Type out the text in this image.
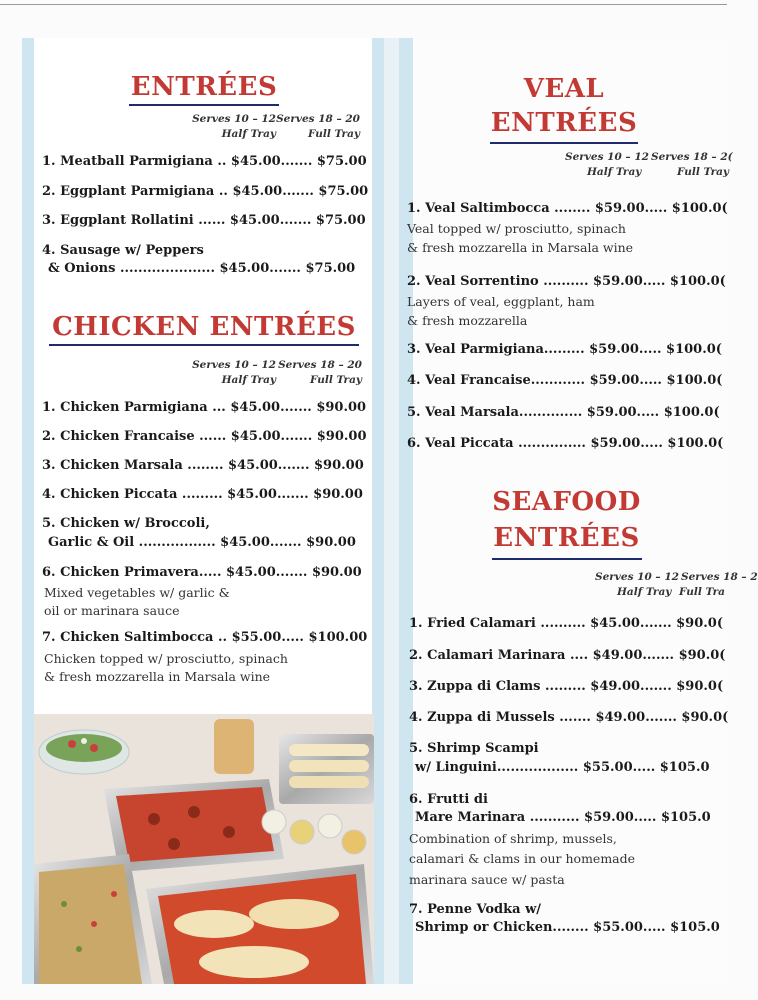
ENTRÉES
Serves 10 – 12
Half Tray
Serves 18 – 20
Full Tray
1. Meatball Parmigiana .. $45.00....... $75.00
2. Eggplant Parmigiana .. $45.00....... $75.00
3. Eggplant Rollatini ...... $45.00....... $75.00
4. Sausage w/ Peppers
& Onions ..................... $45.00....... $75.00
CHICKEN ENTRÉES
Serves 10 – 12
Half Tray
Serves 18 – 20
Full Tray
1. Chicken Parmigiana ... $45.00....... $90.00
2. Chicken Francaise ...... $45.00....... $90.00
3. Chicken Marsala ........ $45.00....... $90.00
4. Chicken Piccata ......... $45.00....... $90.00
5. Chicken w/ Broccoli,
Garlic & Oil ................. $45.00....... $90.00
6. Chicken Primavera..... $45.00....... $90.00
Mixed vegetables w/ garlic &
oil or marinara sauce
7. Chicken Saltimbocca .. $55.00..... $100.00
Chicken topped w/ prosciutto, spinach
& fresh mozzarella in Marsala wine
VEAL
ENTRÉES
Serves 10 – 12
Half Tray
Serves 18 – 2(
Full Tray
1. Veal Saltimbocca ........ $59.00..... $100.0(
Veal topped w/ prosciutto, spinach
& fresh mozzarella in Marsala wine
2. Veal Sorrentino .......... $59.00..... $100.0(
Layers of veal, eggplant, ham
& fresh mozzarella
3. Veal Parmigiana......... $59.00..... $100.0(
4. Veal Francaise............ $59.00..... $100.0(
5. Veal Marsala.............. $59.00..... $100.0(
6. Veal Piccata ............... $59.00..... $100.0(
SEAFOOD
ENTRÉES
Serves 10 – 12
Half Tray
Serves 18 – 2
Full Tra
1. Fried Calamari .......... $45.00....... $90.0(
2. Calamari Marinara .... $49.00....... $90.0(
3. Zuppa di Clams ......... $49.00....... $90.0(
4. Zuppa di Mussels ....... $49.00....... $90.0(
5. Shrimp Scampi
w/ Linguini.................. $55.00..... $105.0
6. Frutti di
Mare Marinara ........... $59.00..... $105.0
Combination of shrimp, mussels,
calamari & clams in our homemade
marinara sauce w/ pasta
7. Penne Vodka w/
Shrimp or Chicken........ $55.00..... $105.0
